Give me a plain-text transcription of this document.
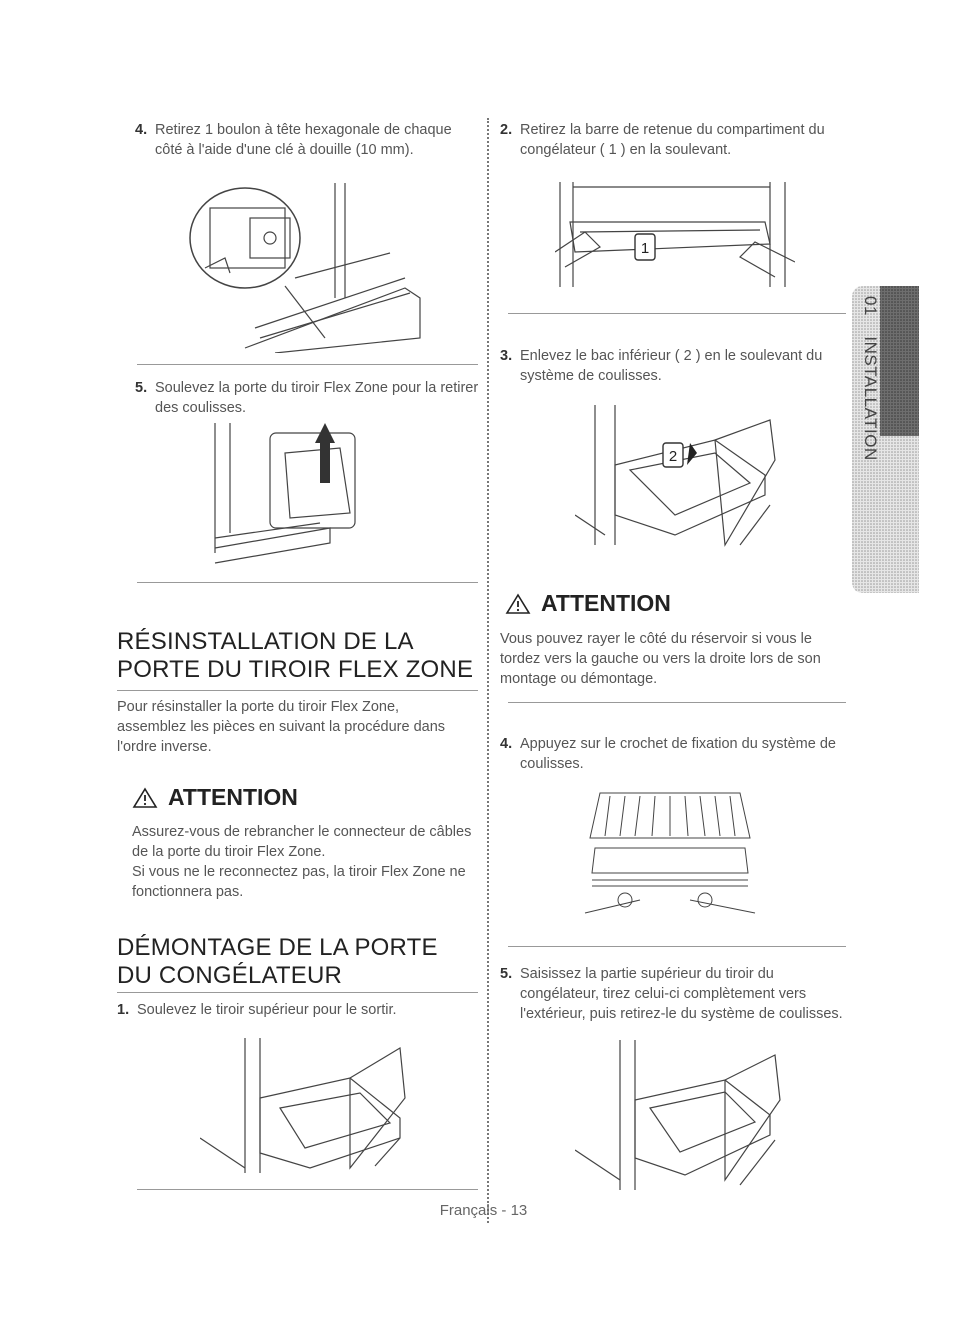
4. Retirez 1 boulon à tête hexagonale de chaque côté à l'aide d'une clé à douille (10 mm).
5. Soulevez la porte du tiroir Flex Zone pour la retirer des coulisses.
RÉSINSTALLATION DE LA
PORTE DU TIROIR FLEX ZONE
Pour résinstaller la porte du tiroir Flex Zone, assemblez les pièces en suivant la procédure dans l'ordre inverse.
ATTENTION
Assurez-vous de rebrancher le connecteur de câbles de la porte du tiroir Flex Zone.
Si vous ne le reconnectez pas, la tiroir Flex Zone ne fonctionnera pas.
DÉMONTAGE DE LA PORTE
DU CONGÉLATEUR
1. Soulevez le tiroir supérieur pour le sortir.
2. Retirez la barre de retenue du compartiment du congélateur ( 1 ) en la soulevant.
1
3. Enlevez le bac inférieur ( 2 ) en le soulevant du système de coulisses.
2
ATTENTION
Vous pouvez rayer le côté du réservoir si vous le tordez vers la gauche ou vers la droite lors de son montage ou démontage.
4. Appuyez sur le crochet de fixation du système de coulisses.
5. Saisissez la partie supérieur du tiroir du congélateur, tirez celui-ci complètement vers l'extérieur, puis retirez-le du système de coulisses.
01  INSTALLATION
Français - 13
